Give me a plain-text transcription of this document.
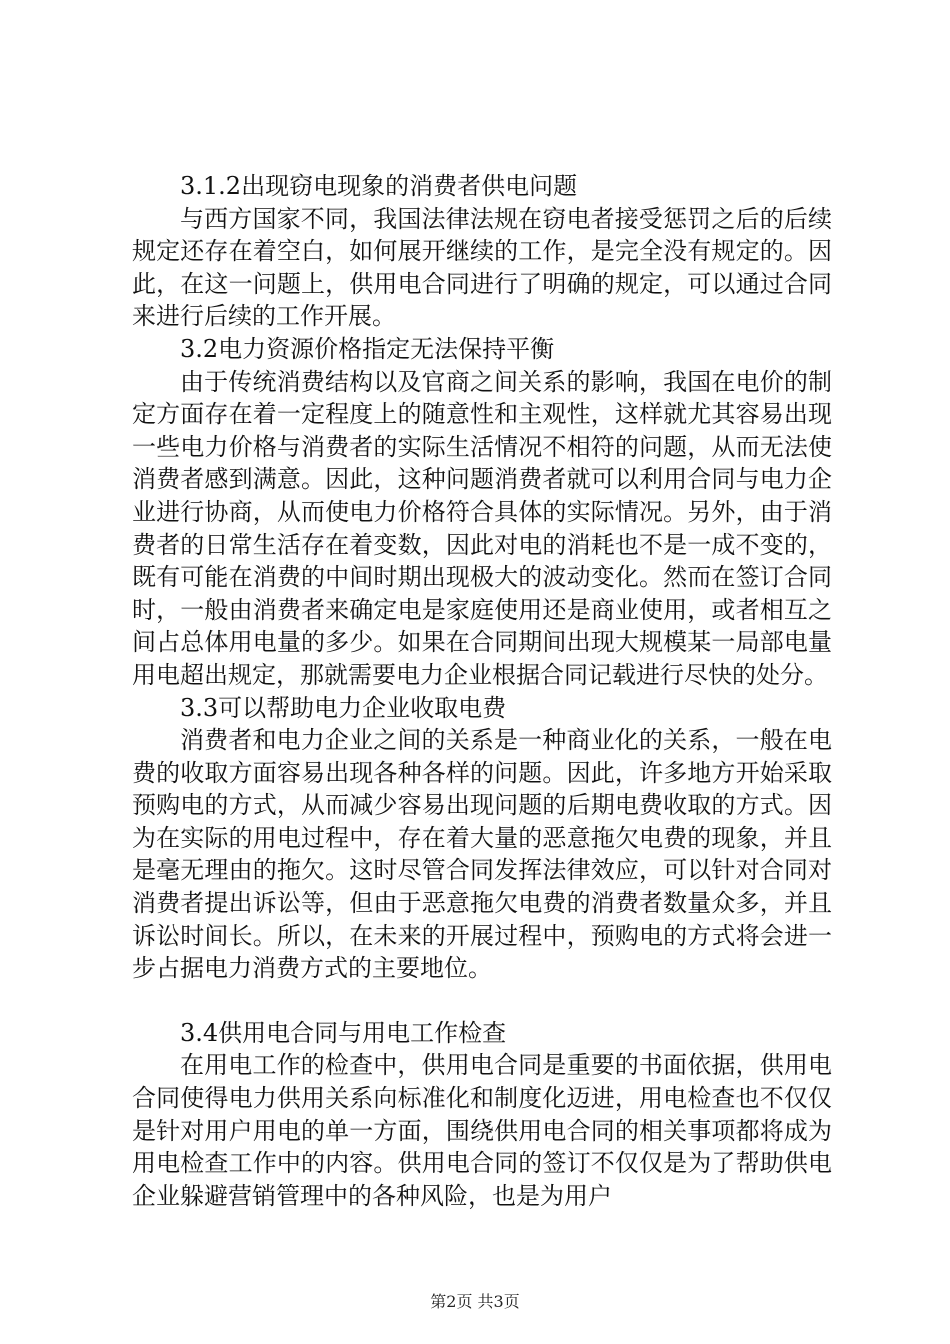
3.1.2出现窃电现象的消费者供电问题

与西方国家不同，我国法律法规在窃电者接受惩罚之后的后续规定还存在着空白，如何展开继续的工作，是完全没有规定的。因此，在这一问题上，供用电合同进行了明确的规定，可以通过合同来进行后续的工作开展。

3.2电力资源价格指定无法保持平衡

由于传统消费结构以及官商之间关系的影响，我国在电价的制定方面存在着一定程度上的随意性和主观性，这样就尤其容易出现一些电力价格与消费者的实际生活情况不相符的问题，从而无法使消费者感到满意。因此，这种问题消费者就可以利用合同与电力企业进行协商，从而使电力价格符合具体的实际情况。另外，由于消费者的日常生活存在着变数，因此对电的消耗也不是一成不变的，既有可能在消费的中间时期出现极大的波动变化。然而在签订合同时，一般由消费者来确定电是家庭使用还是商业使用，或者相互之间占总体用电量的多少。如果在合同期间出现大规模某一局部电量用电超出规定，那就需要电力企业根据合同记载进行尽快的处分。

3.3可以帮助电力企业收取电费

消费者和电力企业之间的关系是一种商业化的关系，一般在电费的收取方面容易出现各种各样的问题。因此，许多地方开始采取预购电的方式，从而减少容易出现问题的后期电费收取的方式。因为在实际的用电过程中，存在着大量的恶意拖欠电费的现象，并且是毫无理由的拖欠。这时尽管合同发挥法律效应，可以针对合同对消费者提出诉讼等，但由于恶意拖欠电费的消费者数量众多，并且诉讼时间长。所以，在未来的开展过程中，预购电的方式将会进一步占据电力消费方式的主要地位。

3.4供用电合同与用电工作检查

在用电工作的检查中，供用电合同是重要的书面依据，供用电合同使得电力供用关系向标准化和制度化迈进，用电检查也不仅仅是针对用户用电的单一方面，围绕供用电合同的相关事项都将成为用电检查工作中的内容。供用电合同的签订不仅仅是为了帮助供电企业躲避营销管理中的各种风险，也是为用户

第2页 共3页
